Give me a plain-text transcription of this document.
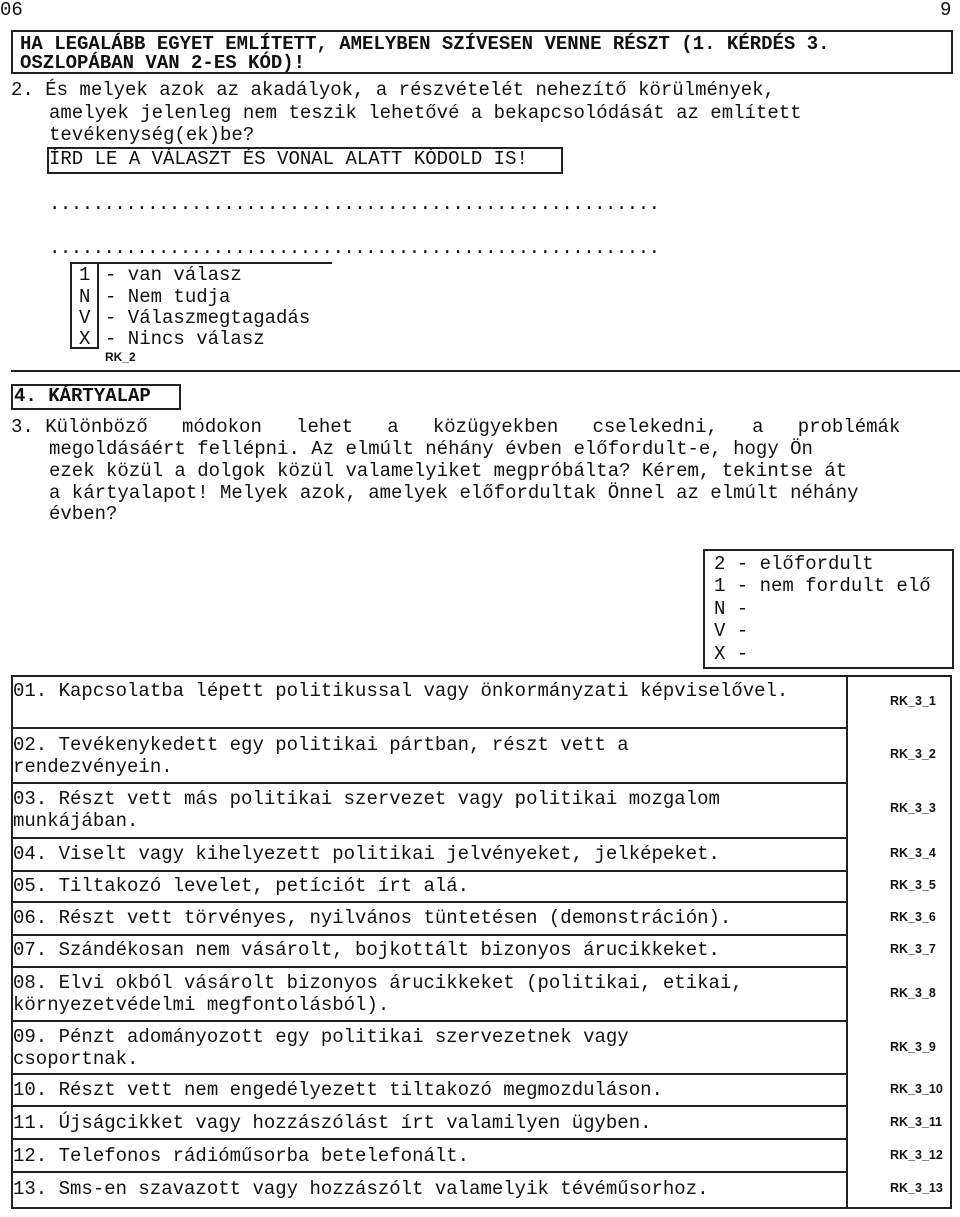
06	9
HA LEGALÁBB EGYET EMLÍTETT, AMELYBEN SZÍVESEN VENNE RÉSZT (1. KÉRDÉS 3.
OSZLOPÁBAN VAN 2-ES KÓD)!
2. És melyek azok az akadályok, a részvételét nehezítő körülmények,
amelyek jelenleg nem teszik lehetővé a bekapcsolódását az említett
tevékenység(ek)be?
ÍRD LE A VÁLASZT ÉS VONAL ALATT KÓDOLD IS!
........................................................
........................................................
1 - van válasz
N - Nem tudja
V - Válaszmegtagadás
X - Nincs válasz
RK_2
4. KÁRTYALAP
3. Különböző   módokon   lehet   a   közügyekben   cselekedni,   a   problémák
megoldásáért fellépni. Az elmúlt néhány évben előfordult-e, hogy Ön
ezek közül a dolgok közül valamelyiket megpróbálta? Kérem, tekintse át
a kártyalapot! Melyek azok, amelyek előfordultak Önnel az elmúlt néhány
évben?
2 - előfordult
1 - nem fordult elő
N -
V -
X -
01. Kapcsolatba lépett politikussal vagy önkormányzati képviselővel.
02. Tevékenykedett egy politikai pártban, részt vett a rendezvényein.
03. Részt vett más politikai szervezet vagy politikai mozgalom munkájában.
04. Viselt vagy kihelyezett politikai jelvényeket, jelképeket.
05. Tiltakozó levelet, petíciót írt alá.
06. Részt vett törvényes, nyilvános tüntetésen (demonstráción).
07. Szándékosan nem vásárolt, bojkottált bizonyos árucikkeket.
08. Elvi okból vásárolt bizonyos árucikkeket (politikai, etikai, környezetvédelmi megfontolásból).
09. Pénzt adományozott egy politikai szervezetnek vagy csoportnak.
10. Részt vett nem engedélyezett tiltakozó megmozduláson.
11. Újságcikket vagy hozzászólást írt valamilyen ügyben.
12. Telefonos rádióműsorba betelefonált.
13. Sms-en szavazott vagy hozzászólt valamelyik tévéműsorhoz.
RK_3_1
RK_3_2
RK_3_3
RK_3_4
RK_3_5
RK_3_6
RK_3_7
RK_3_8
RK_3_9
RK_3_10
RK_3_11
RK_3_12
RK_3_13
